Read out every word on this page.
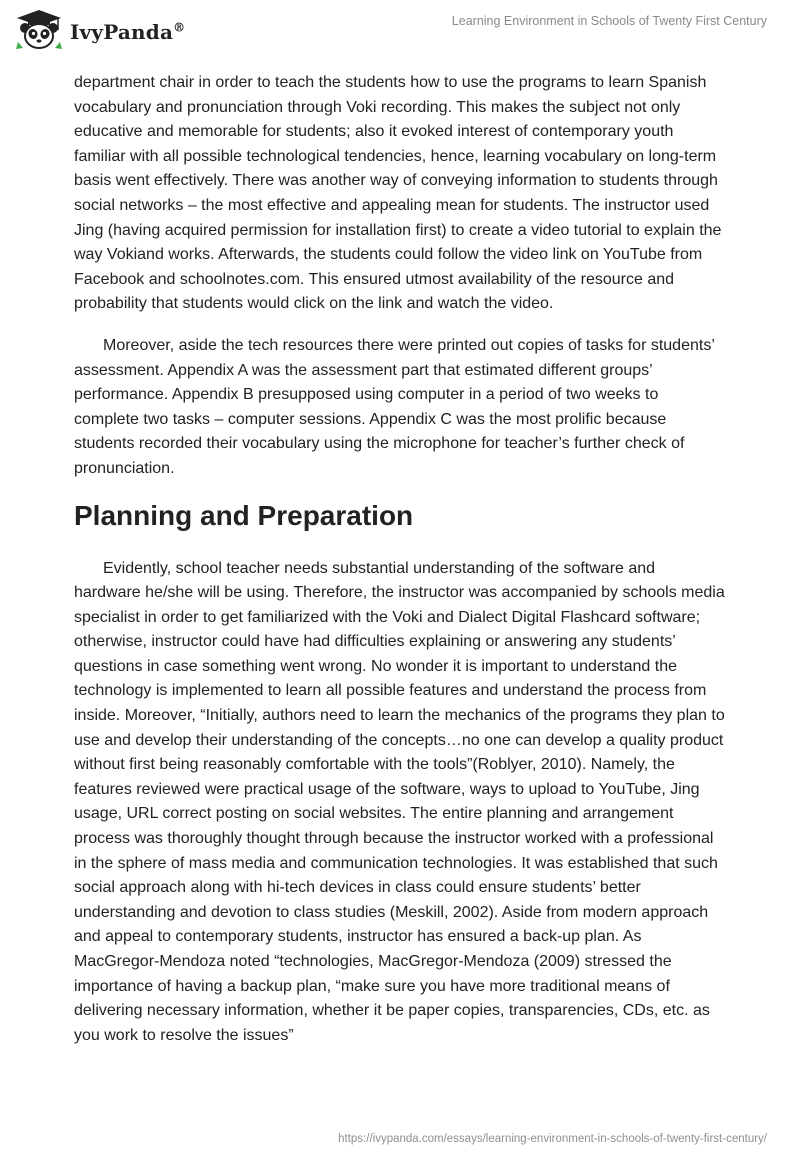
IvyPanda®	Learning Environment in Schools of Twenty First Century

department chair in order to teach the students how to use the programs to learn Spanish vocabulary and pronunciation through Voki recording. This makes the subject not only educative and memorable for students; also it evoked interest of contemporary youth familiar with all possible technological tendencies, hence, learning vocabulary on long-term basis went effectively. There was another way of conveying information to students through social networks – the most effective and appealing mean for students. The instructor used Jing (having acquired permission for installation first) to create a video tutorial to explain the way Vokiand works. Afterwards, the students could follow the video link on YouTube from Facebook and schoolnotes.com. This ensured utmost availability of the resource and probability that students would click on the link and watch the video.

Moreover, aside the tech resources there were printed out copies of tasks for students’ assessment. Appendix A was the assessment part that estimated different groups’ performance. Appendix B presupposed using computer in a period of two weeks to complete two tasks – computer sessions. Appendix C was the most prolific because students recorded their vocabulary using the microphone for teacher’s further check of pronunciation.

Planning and Preparation

Evidently, school teacher needs substantial understanding of the software and hardware he/she will be using. Therefore, the instructor was accompanied by schools media specialist in order to get familiarized with the Voki and Dialect Digital Flashcard software; otherwise, instructor could have had difficulties explaining or answering any students’ questions in case something went wrong. No wonder it is important to understand the technology is implemented to learn all possible features and understand the process from inside. Moreover, “Initially, authors need to learn the mechanics of the programs they plan to use and develop their understanding of the concepts…no one can develop a quality product without first being reasonably comfortable with the tools”(Roblyer, 2010). Namely, the features reviewed were practical usage of the software, ways to upload to YouTube, Jing usage, URL correct posting on social websites. The entire planning and arrangement process was thoroughly thought through because the instructor worked with a professional in the sphere of mass media and communication technologies. It was established that such social approach along with hi-tech devices in class could ensure students’ better understanding and devotion to class studies (Meskill, 2002). Aside from modern approach and appeal to contemporary students, instructor has ensured a back-up plan. As MacGregor-Mendoza noted “technologies, MacGregor-Mendoza (2009) stressed the importance of having a backup plan, “make sure you have more traditional means of delivering necessary information, whether it be paper copies, transparencies, CDs, etc. as you work to resolve the issues”

https://ivypanda.com/essays/learning-environment-in-schools-of-twenty-first-century/
